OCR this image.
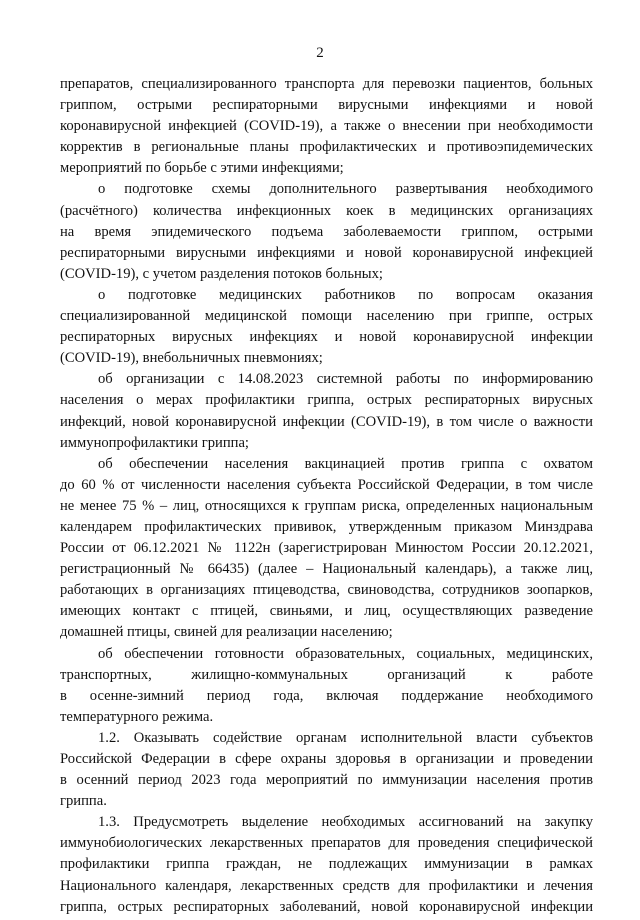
2
препаратов, специализированного транспорта для перевозки пациентов, больных
гриппом, острыми респираторными вирусными инфекциями и новой
коронавирусной инфекцией (COVID-19), а также о внесении при необходимости
корректив в региональные планы профилактических и противоэпидемических
мероприятий по борьбе с этими инфекциями;
о подготовке схемы дополнительного развертывания необходимого
(расчётного) количества инфекционных коек в медицинских организациях
на время эпидемического подъема заболеваемости гриппом, острыми
респираторными вирусными инфекциями и новой коронавирусной инфекцией
(COVID-19), с учетом разделения потоков больных;
о подготовке медицинских работников по вопросам оказания
специализированной медицинской помощи населению при гриппе, острых
респираторных вирусных инфекциях и новой коронавирусной инфекции
(COVID-19), внебольничных пневмониях;
об организации с 14.08.2023 системной работы по информированию
населения о мерах профилактики гриппа, острых респираторных вирусных
инфекций, новой коронавирусной инфекции (COVID-19), в том числе о важности
иммунопрофилактики гриппа;
об обеспечении населения вакцинацией против гриппа с охватом
до 60 % от численности населения субъекта Российской Федерации, в том числе
не менее 75 % – лиц, относящихся к группам риска, определенных национальным
календарем профилактических прививок, утвержденным приказом Минздрава
России от 06.12.2021 № 1122н (зарегистрирован Минюстом России 20.12.2021,
регистрационный № 66435) (далее – Национальный календарь), а также лиц,
работающих в организациях птицеводства, свиноводства, сотрудников зоопарков,
имеющих контакт с птицей, свиньями, и лиц, осуществляющих разведение
домашней птицы, свиней для реализации населению;
об обеспечении готовности образовательных, социальных, медицинских,
транспортных, жилищно-коммунальных организаций к работе
в осенне-зимний период года, включая поддержание необходимого
температурного режима.
1.2. Оказывать содействие органам исполнительной власти субъектов
Российской Федерации в сфере охраны здоровья в организации и проведении
в осенний период 2023 года мероприятий по иммунизации населения против
гриппа.
1.3. Предусмотреть выделение необходимых ассигнований на закупку
иммунобиологических лекарственных препаратов для проведения специфической
профилактики гриппа граждан, не подлежащих иммунизации в рамках
Национального календаря, лекарственных средств для профилактики и лечения
гриппа, острых респираторных заболеваний, новой коронавирусной инфекции
